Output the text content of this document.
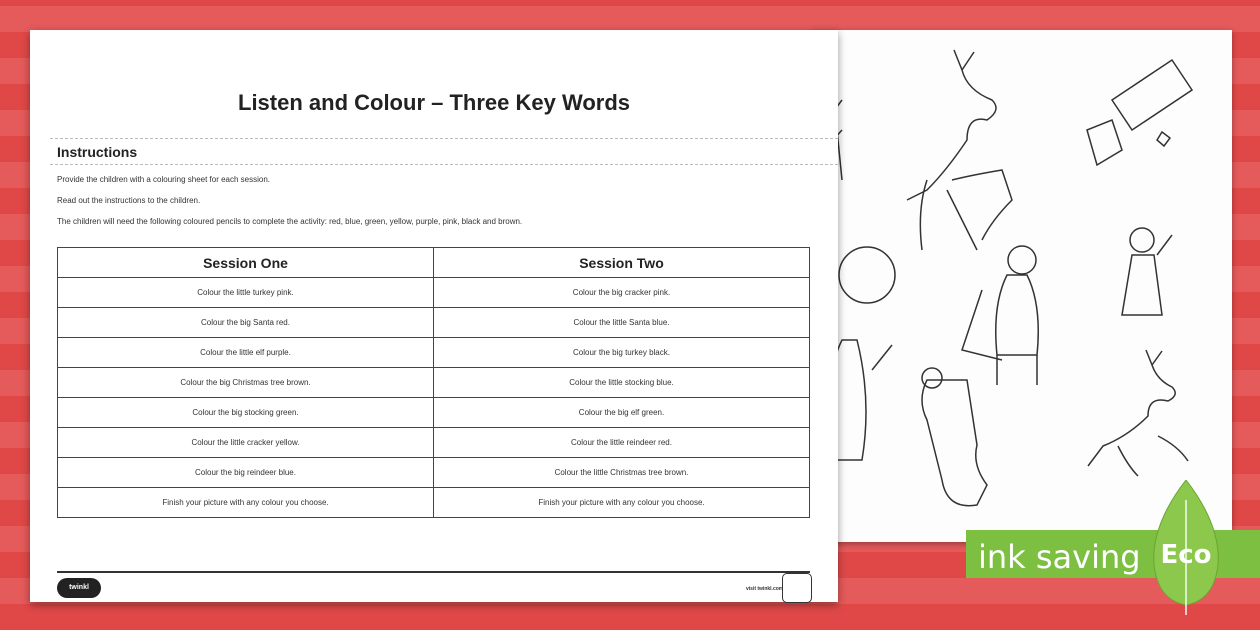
Listen and Colour – Three Key Words
Instructions
Provide the children with a colouring sheet for each session.
Read out the instructions to the children.
The children will need the following coloured pencils to complete the activity: red, blue, green, yellow, purple, pink, black and brown.
Session One	Session Two
Colour the little turkey pink.	Colour the big cracker pink.
Colour the big Santa red.	Colour the little Santa blue.
Colour the little elf purple.	Colour the big turkey black.
Colour the big Christmas tree brown.	Colour the little stocking blue.
Colour the big stocking green.	Colour the big elf green.
Colour the little cracker yellow.	Colour the little reindeer red.
Colour the big reindeer blue.	Colour the little Christmas tree brown.
Finish your picture with any colour you choose.	Finish your picture with any colour you choose.
twinkl	visit twinkl.com
ink saving Eco
